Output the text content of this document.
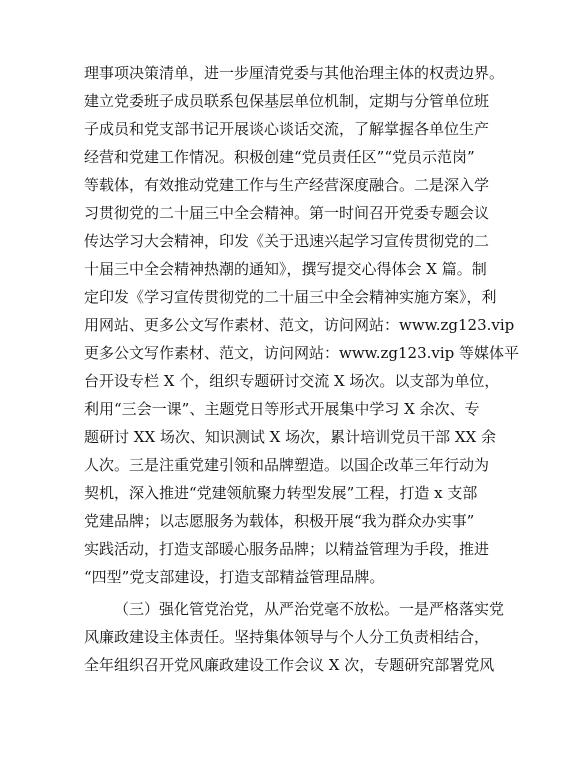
理事项决策清单，进一步厘清党委与其他治理主体的权责边界。
建立党委班子成员联系包保基层单位机制，定期与分管单位班
子成员和党支部书记开展谈心谈话交流，了解掌握各单位生产
经营和党建工作情况。积极创建“党员责任区”“党员示范岗”
等载体，有效推动党建工作与生产经营深度融合。二是深入学
习贯彻党的二十届三中全会精神。第一时间召开党委专题会议
传达学习大会精神，印发《关于迅速兴起学习宣传贯彻党的二
十届三中全会精神热潮的通知》，撰写提交心得体会 X 篇。制
定印发《学习宣传贯彻党的二十届三中全会精神实施方案》，利
用网站、更多公文写作素材、范文，访问网站：www.zg123.vip
更多公文写作素材、范文，访问网站：www.zg123.vip 等媒体平
台开设专栏 X 个，组织专题研讨交流 X 场次。以支部为单位，
利用“三会一课”、主题党日等形式开展集中学习 X 余次、专
题研讨 XX 场次、知识测试 X 场次，累计培训党员干部 XX 余
人次。三是注重党建引领和品牌塑造。以国企改革三年行动为
契机，深入推进“党建领航聚力转型发展”工程，打造 x 支部
党建品牌；以志愿服务为载体，积极开展“我为群众办实事”
实践活动，打造支部暖心服务品牌；以精益管理为手段，推进
“四型”党支部建设，打造支部精益管理品牌。
（三）强化管党治党，从严治党毫不放松。一是严格落实党
风廉政建设主体责任。坚持集体领导与个人分工负责相结合，
全年组织召开党风廉政建设工作会议 X 次，专题研究部署党风
